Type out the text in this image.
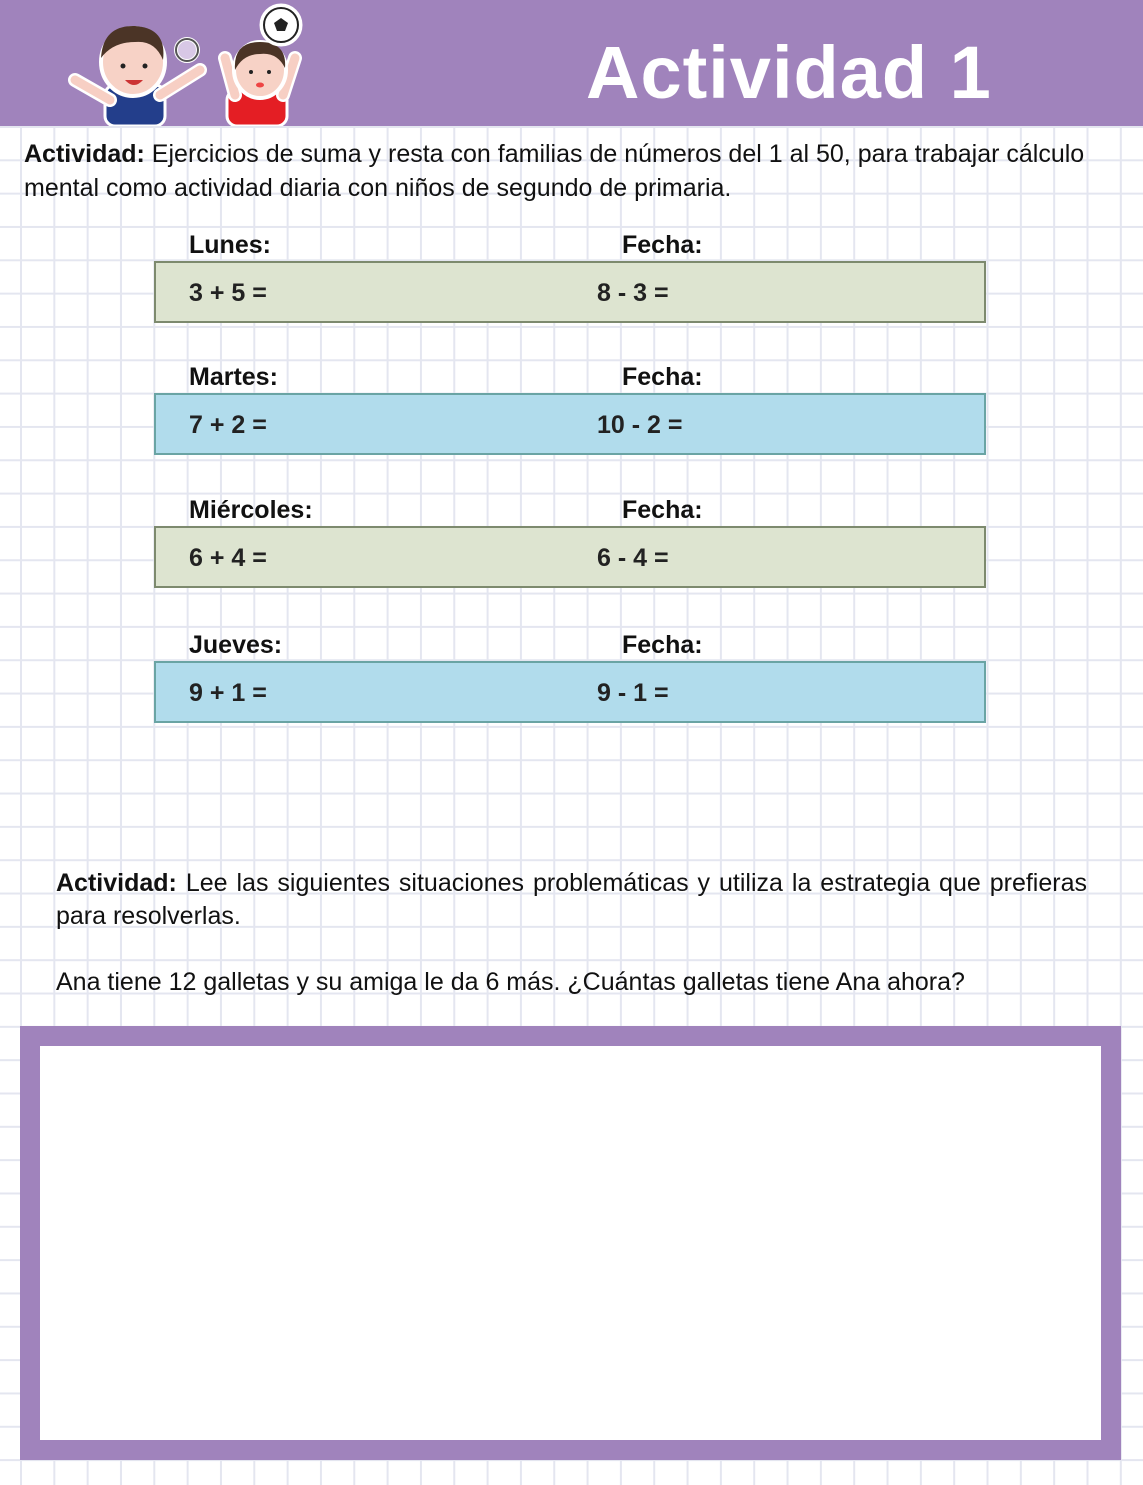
Actividad 1
Actividad: Ejercicios de suma y resta con familias de números del 1 al 50, para trabajar cálculo mental como actividad diaria con niños de segundo de primaria.
Lunes:	Fecha:
3 + 5 =	8 - 3 =
Martes:	Fecha:
7 + 2 =	10 - 2 =
Miércoles:	Fecha:
6 + 4 =	6 - 4 =
Jueves:	Fecha:
9 + 1 =	9 - 1 =
Actividad: Lee las siguientes situaciones problemáticas y utiliza la estrategia que prefieras para resolverlas.
Ana tiene 12 galletas y su amiga le da 6 más. ¿Cuántas galletas tiene Ana ahora?
